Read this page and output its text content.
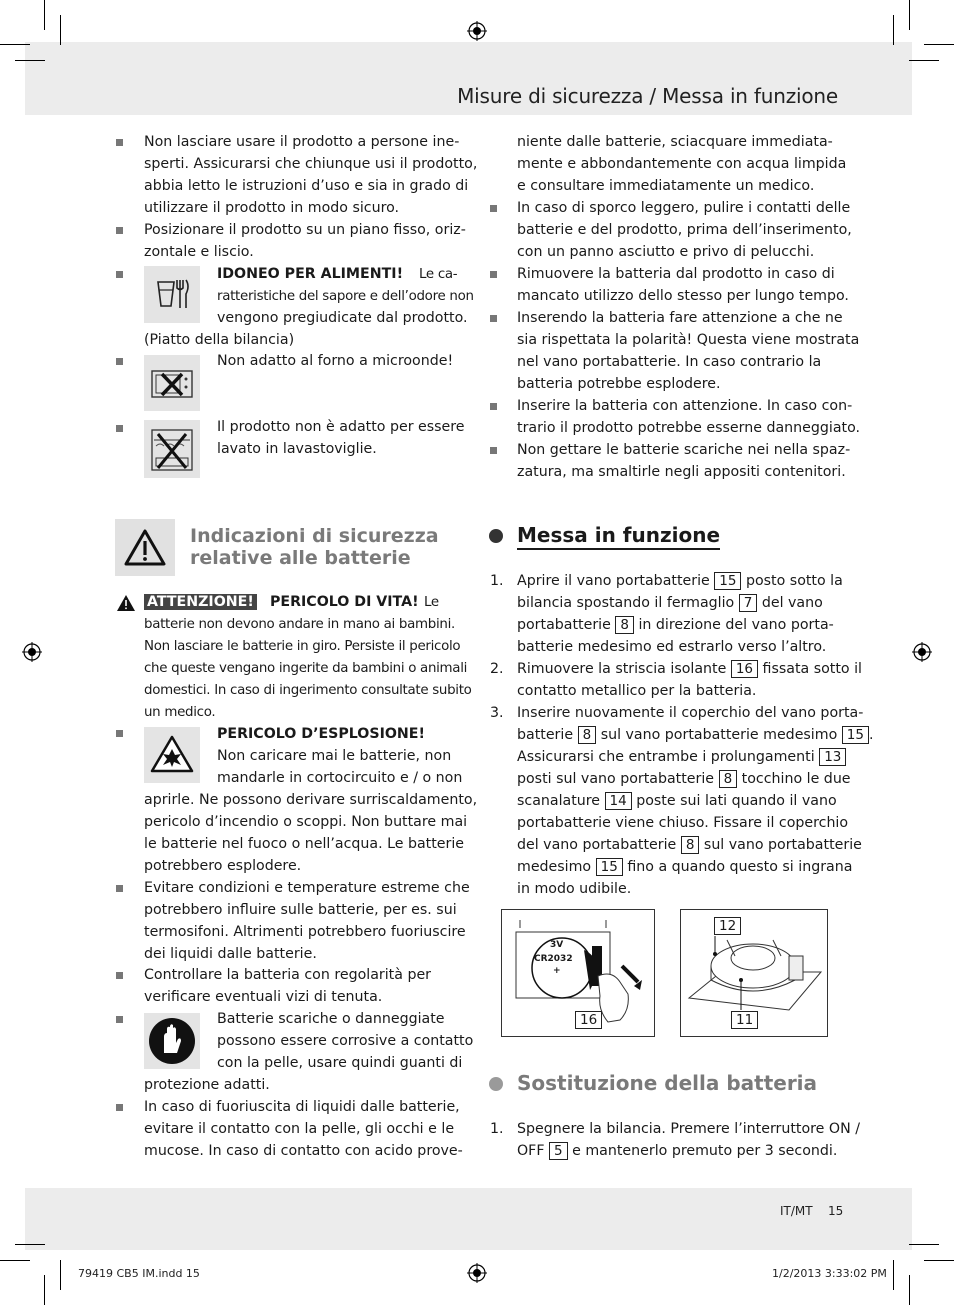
Misure di sicurezza / Messa in funzione
IT/MT 15
79419 CB5 IM.indd 15	1/2/2013 3:33:02 PM
Non lasciare usare il prodotto a persone ine-
sperti. Assicurarsi che chiunque usi il prodotto,
abbia letto le istruzioni d’uso e sia in grado di
utilizzare il prodotto in modo sicuro.
Posizionare il prodotto su un piano fisso, oriz-
zontale e liscio.
IDONEO PER ALIMENTI! Le ca-
ratteristiche del sapore e dell’odore non
vengono pregiudicate dal prodotto.
(Piatto della bilancia)
Non adatto al forno a microonde!
Il prodotto non è adatto per essere
lavato in lavastoviglie.
Indicazioni di sicurezza
relative alle batterie
ATTENZIONE! PERICOLO DI VITA! Le
batterie non devono andare in mano ai bambini.
Non lasciare le batterie in giro. Persiste il pericolo
che queste vengano ingerite da bambini o animali
domestici. In caso di ingerimento consultate subito
un medico.
PERICOLO D’ESPLOSIONE!
Non caricare mai le batterie, non
mandarle in cortocircuito e / o non
aprirle. Ne possono derivare surriscaldamento,
pericolo d’incendio o scoppi. Non buttare mai
le batterie nel fuoco o nell’acqua. Le batterie
potrebbero esplodere.
Evitare condizioni e temperature estreme che
potrebbero influire sulle batterie, per es. sui
termosifoni. Altrimenti potrebbero fuoriuscire
dei liquidi dalle batterie.
Controllare la batteria con regolarità per
verificare eventuali vizi di tenuta.
Batterie scariche o danneggiate
possono essere corrosive a contatto
con la pelle, usare quindi guanti di
protezione adatti.
In caso di fuoriuscita di liquidi dalle batterie,
evitare il contatto con la pelle, gli occhi e le
mucose. In caso di contatto con acido prove-
niente dalle batterie, sciacquare immediata-
mente e abbondantemente con acqua limpida
e consultare immediatamente un medico.
In caso di sporco leggero, pulire i contatti delle
batterie e del prodotto, prima dell’inserimento,
con un panno asciutto e privo di pelucchi.
Rimuovere la batteria dal prodotto in caso di
mancato utilizzo dello stesso per lungo tempo.
Inserendo la batteria fare attenzione a che ne
sia rispettata la polarità! Questa viene mostrata
nel vano portabatterie. In caso contrario la
batteria potrebbe esplodere.
Inserire la batteria con attenzione. In caso con-
trario il prodotto potrebbe esserne danneggiato.
Non gettare le batterie scariche nei nella spaz-
zatura, ma smaltirle negli appositi contenitori.
Messa in funzione
1. Aprire il vano portabatterie 15 posto sotto la
bilancia spostando il fermaglio 7 del vano
portabatterie 8 in direzione del vano porta-
batterie medesimo ed estrarlo verso l’altro.
2. Rimuovere la striscia isolante 16 fissata sotto il
contatto metallico per la batteria.
3. Inserire nuovamente il coperchio del vano porta-
batterie 8 sul vano portabatterie medesimo 15 .
Assicurarsi che entrambe i prolungamenti 13
posti sul vano portabatterie 8 tocchino le due
scanalature 14 poste sui lati quando il vano
portabatterie viene chiuso. Fissare il coperchio
del vano portabatterie 8 sul vano portabatterie
medesimo 15 fino a quando questo si ingrana
in modo udibile.
3V
CR2032
+
16
12
11
Sostituzione della batteria
1. Spegnere la bilancia. Premere l’interruttore ON /
OFF 5 e mantenerlo premuto per 3 secondi.
